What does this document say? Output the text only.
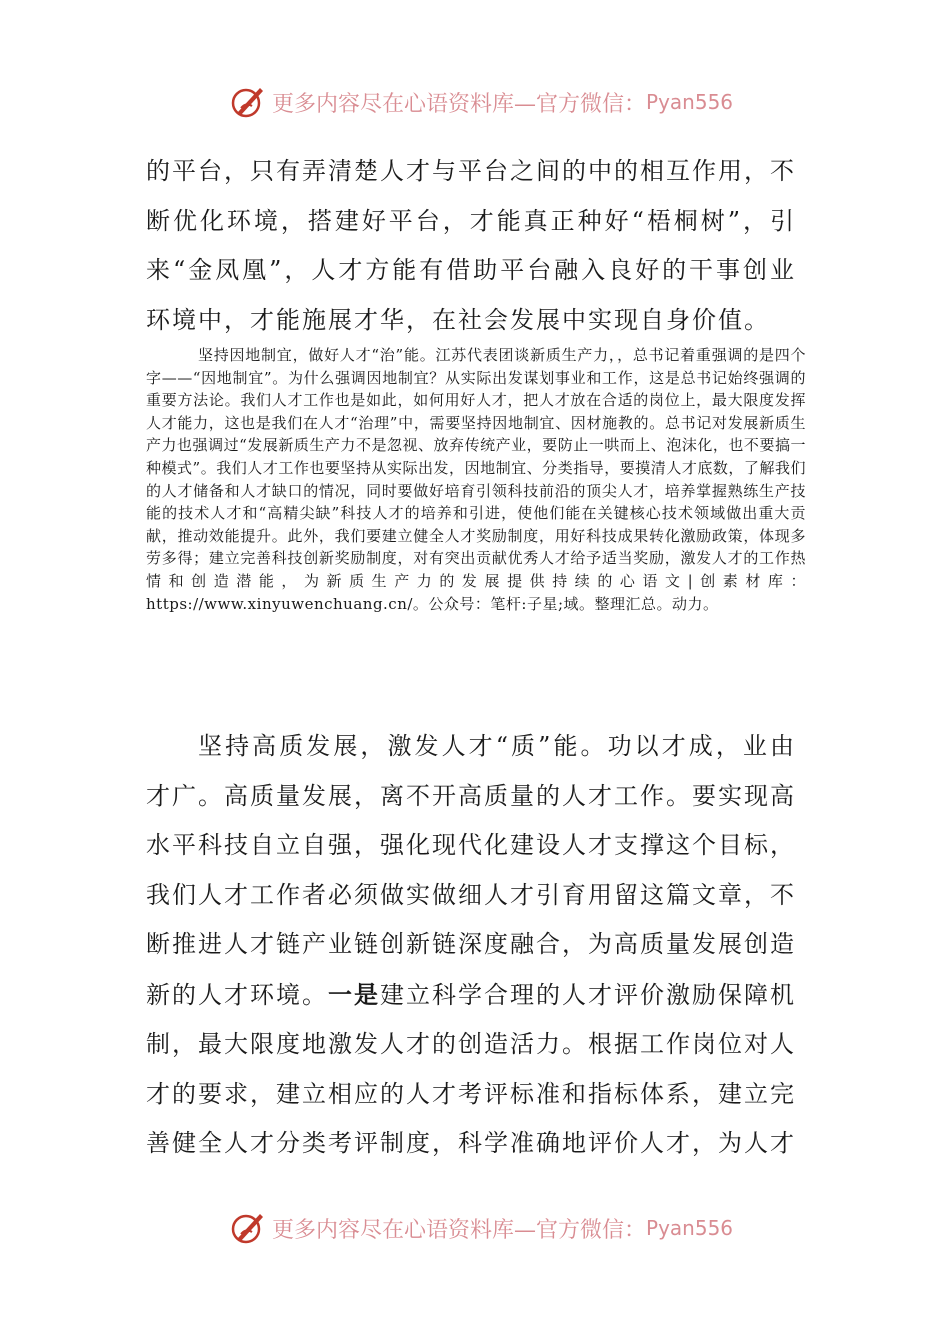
更多内容尽在心语资料库—官方微信： Pyan556
的平台，只有弄清楚人才与平台之间的中的相互作用，不断优化环境，搭建好平台，才能真正种好“梧桐树”，引来“金凤凰”，人才方能有借助平台融入良好的干事创业环境中，才能施展才华，在社会发展中实现自身价值。
坚持因地制宜，做好人才“治”能。江苏代表团谈新质生产力，，总书记着重强调的是四个字——“因地制宜”。为什么强调因地制宜？从实际出发谋划事业和工作，这是总书记始终强调的重要方法论。我们人才工作也是如此，如何用好人才，把人才放在合适的岗位上，最大限度发挥人才能力，这也是我们在人才“治理”中，需要坚持因地制宜、因材施教的。总书记对发展新质生产力也强调过“发展新质生产力不是忽视、放弃传统产业，要防止一哄而上、泡沫化，也不要搞一种模式”。我们人才工作也要坚持从实际出发，因地制宜、分类指导，要摸清人才底数，了解我们的人才储备和人才缺口的情况，同时要做好培育引领科技前沿的顶尖人才，培养掌握熟练生产技能的技术人才和“高精尖缺”科技人才的培养和引进，使他们能在关键核心技术领域做出重大贡献，推动效能提升。此外，我们要建立健全人才奖励制度，用好科技成果转化激励政策，体现多劳多得；建立完善科技创新奖励制度，对有突出贡献优秀人才给予适当奖励，激发人才的工作热情和创造潜能，为新质生产力的发展提供持续的心语文|创素材库：https://www.xinyuwenchuang.cn/。公众号：笔杆:子星;域。整理汇总。动力。
坚持高质发展，激发人才“质”能。功以才成，业由才广。高质量发展，离不开高质量的人才工作。要实现高水平科技自立自强，强化现代化建设人才支撑这个目标，我们人才工作者必须做实做细人才引育用留这篇文章，不断推进人才链产业链创新链深度融合，为高质量发展创造新的人才环境。一是建立科学合理的人才评价激励保障机制，最大限度地激发人才的创造活力。根据工作岗位对人才的要求，建立相应的人才考评标准和指标体系，建立完善健全人才分类考评制度，科学准确地评价人才，为人才
更多内容尽在心语资料库—官方微信： Pyan556
